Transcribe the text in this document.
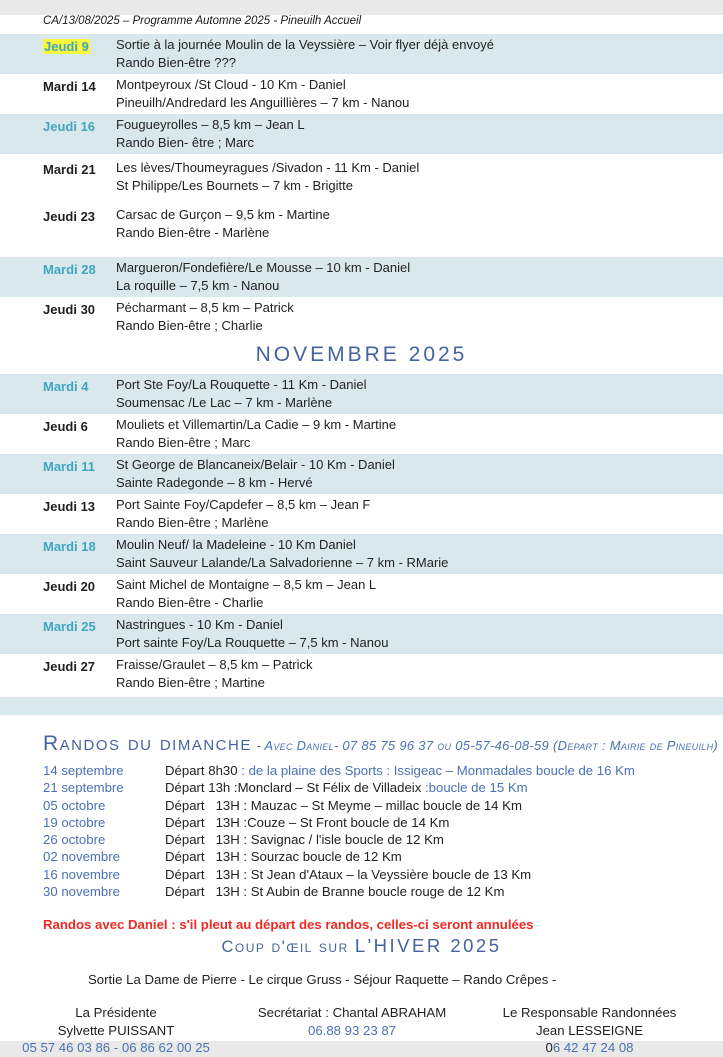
CA/13/08/2025 – Programme Automne 2025 - Pineuilh Accueil
Jeudi 9	Sortie à la journée Moulin de la Veyssière – Voir flyer déjà envoyé
Rando Bien-être ???
Mardi 14	Montpeyroux /St Cloud - 10 Km - Daniel
Pineuilh/Andredard les Anguillières – 7 km - Nanou
Jeudi 16	Fougueyrolles – 8,5 km – Jean L
Rando Bien- être ; Marc
Mardi 21	Les lèves/Thoumeyragues /Sivadon - 11 Km - Daniel
St Philippe/Les Bournets – 7 km - Brigitte
Jeudi 23	Carsac de Gurçon – 9,5 km - Martine
Rando Bien-être - Marlène
Mardi 28	Margueron/Fondefière/Le Mousse – 10 km - Daniel
La roquille – 7,5 km - Nanou
Jeudi 30	Pécharmant – 8,5 km – Patrick
Rando Bien-être ; Charlie
NOVEMBRE 2025
Mardi 4	Port Ste Foy/La Rouquette - 11 Km - Daniel
Soumensac /Le Lac – 7 km - Marlène
Jeudi 6	Mouliets et Villemartin/La Cadie – 9 km - Martine
Rando Bien-être ; Marc
Mardi 11	St George de Blancaneix/Belair - 10 Km - Daniel
Sainte Radegonde – 8 km - Hervé
Jeudi 13	Port Sainte Foy/Capdefer – 8,5 km – Jean F
Rando Bien-être ; Marlène
Mardi 18	Moulin Neuf/ la Madeleine - 10 Km Daniel
Saint Sauveur Lalande/La Salvadorienne – 7 km - RMarie
Jeudi 20	Saint Michel de Montaigne – 8,5 km – Jean L
Rando Bien-être - Charlie
Mardi 25	Nastringues - 10 Km - Daniel
Port sainte Foy/La Rouquette – 7,5 km - Nanou
Jeudi 27	Fraisse/Graulet – 8,5 km – Patrick
Rando Bien-être ; Martine
Randos du dimanche - Avec Daniel- 07 85 75 96 37 ou 05-57-46-08-59 (Depart : Mairie de Pineuilh)
14 septembre	Départ 8h30 : de la plaine des Sports : Issigeac – Monmadales boucle de 16 Km
21 septembre	Départ 13h :Monclard – St Félix de Villadeix :boucle de 15 Km
05 octobre	Départ   13H : Mauzac – St Meyme – millac boucle de 14 Km
19 octobre	Départ   13H :Couze – St Front boucle de 14 Km
26 octobre	Départ   13H : Savignac / l'isle boucle de 12 Km
02 novembre	Départ   13H : Sourzac boucle de 12 Km
16 novembre	Départ   13H : St Jean d'Ataux – la Veyssière boucle de 13 Km
30 novembre	Départ   13H : St Aubin de Branne boucle rouge de 12 Km
Randos avec Daniel : s'il pleut au départ des randos, celles-ci seront annulées
Coup d'œil sur L'HIVER 2025
Sortie La Dame de Pierre - Le cirque Gruss - Séjour Raquette – Rando Crêpes -
La Présidente
Sylvette PUISSANT
05 57 46 03 86 - 06 86 62 00 25
Secrétariat : Chantal ABRAHAM
06.88 93 23 87
Le Responsable Randonnées
Jean LESSEIGNE
06 42 47 24 08
